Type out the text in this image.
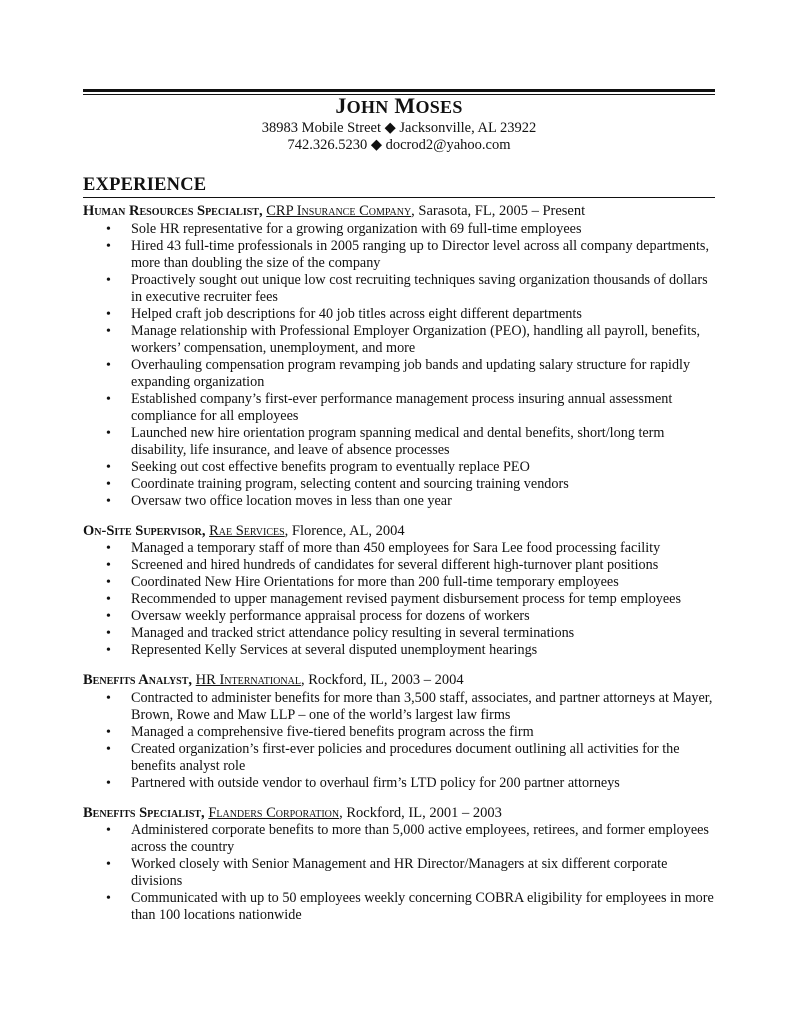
JOHN MOSES
38983 Mobile Street ◆ Jacksonville, AL 23922
742.326.5230 ◆ docrod2@yahoo.com
EXPERIENCE
Human Resources Specialist, CRP Insurance Company, Sarasota, FL, 2005 – Present
• Sole HR representative for a growing organization with 69 full-time employees
• Hired 43 full-time professionals in 2005 ranging up to Director level across all company departments, more than doubling the size of the company
• Proactively sought out unique low cost recruiting techniques saving organization thousands of dollars in executive recruiter fees
• Helped craft job descriptions for 40 job titles across eight different departments
• Manage relationship with Professional Employer Organization (PEO), handling all payroll, benefits, workers’ compensation, unemployment, and more
• Overhauling compensation program revamping job bands and updating salary structure for rapidly expanding organization
• Established company’s first-ever performance management process insuring annual assessment compliance for all employees
• Launched new hire orientation program spanning medical and dental benefits, short/long term disability, life insurance, and leave of absence processes
• Seeking out cost effective benefits program to eventually replace PEO
• Coordinate training program, selecting content and sourcing training vendors
• Oversaw two office location moves in less than one year
On-Site Supervisor, Rae Services, Florence, AL, 2004
• Managed a temporary staff of more than 450 employees for Sara Lee food processing facility
• Screened and hired hundreds of candidates for several different high-turnover plant positions
• Coordinated New Hire Orientations for more than 200 full-time temporary employees
• Recommended to upper management revised payment disbursement process for temp employees
• Oversaw weekly performance appraisal process for dozens of workers
• Managed and tracked strict attendance policy resulting in several terminations
• Represented Kelly Services at several disputed unemployment hearings
Benefits Analyst, HR International, Rockford, IL, 2003 – 2004
• Contracted to administer benefits for more than 3,500 staff, associates, and partner attorneys at Mayer, Brown, Rowe and Maw LLP – one of the world’s largest law firms
• Managed a comprehensive five-tiered benefits program across the firm
• Created organization’s first-ever policies and procedures document outlining all activities for the benefits analyst role
• Partnered with outside vendor to overhaul firm’s LTD policy for 200 partner attorneys
Benefits Specialist, Flanders Corporation, Rockford, IL, 2001 – 2003
• Administered corporate benefits to more than 5,000 active employees, retirees, and former employees across the country
• Worked closely with Senior Management and HR Director/Managers at six different corporate divisions
• Communicated with up to 50 employees weekly concerning COBRA eligibility for employees in more than 100 locations nationwide
